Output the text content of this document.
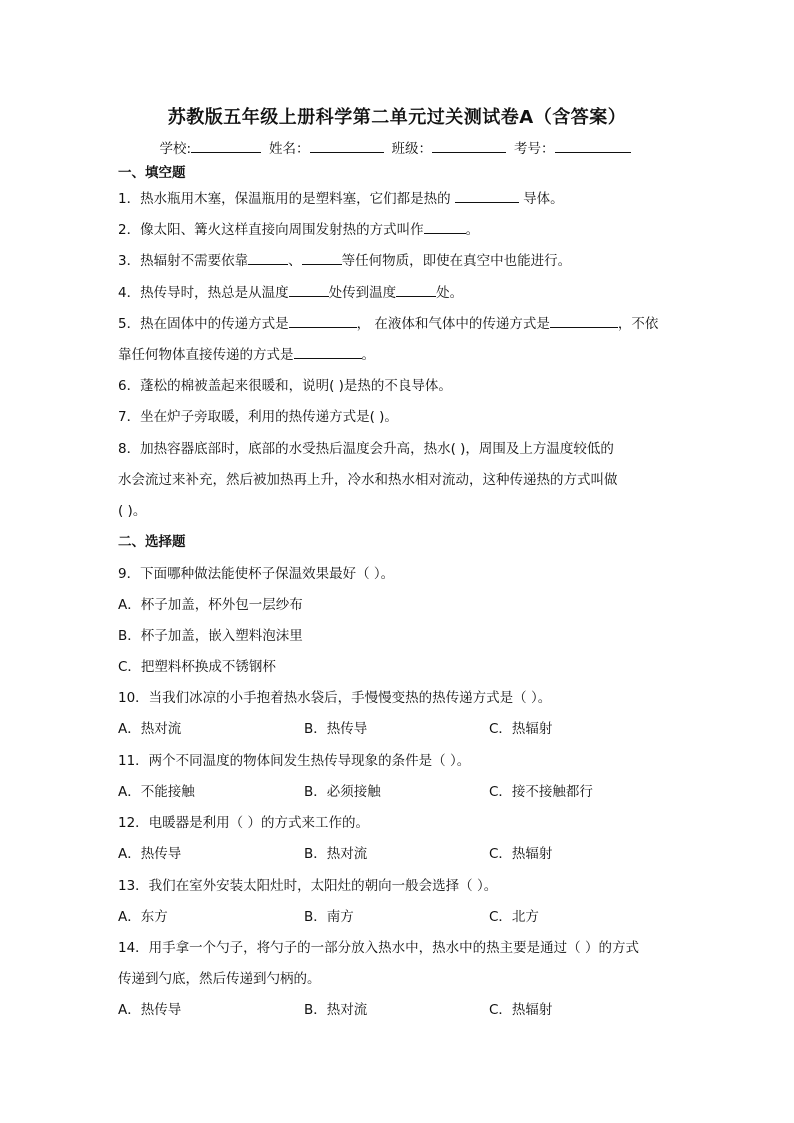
苏教版五年级上册科学第二单元过关测试卷A（含答案）
学校:	姓名：	班级：	考号：
一、填空题
1．热水瓶用木塞，保温瓶用的是塑料塞，它们都是热的	导体。
2．像太阳、篝火这样直接向周围发射热的方式叫作	。
3．热辐射不需要依靠	、	等任何物质，即使在真空中也能进行。
4．热传导时，热总是从温度	处传到温度	处。
5．热在固体中的传递方式是	， 在液体和气体中的传递方式是	，不依
靠任何物体直接传递的方式是	。
6．蓬松的棉被盖起来很暖和，说明( )是热的不良导体。
7．坐在炉子旁取暖，利用的热传递方式是( )。
8．加热容器底部时，底部的水受热后温度会升高，热水( )，周围及上方温度较低的
水会流过来补充，然后被加热再上升，冷水和热水相对流动，这种传递热的方式叫做
( )。
二、选择题
9．下面哪种做法能使杯子保温效果最好（ ）。
A．杯子加盖，杯外包一层纱布
B．杯子加盖，嵌入塑料泡沫里
C．把塑料杯换成不锈钢杯
10．当我们冰凉的小手抱着热水袋后，手慢慢变热的热传递方式是（ ）。
A．热对流	B．热传导	C．热辐射
11．两个不同温度的物体间发生热传导现象的条件是（ ）。
A．不能接触	B．必须接触	C．接不接触都行
12．电暖器是利用（ ）的方式来工作的。
A．热传导	B．热对流	C．热辐射
13．我们在室外安装太阳灶时，太阳灶的朝向一般会选择（ ）。
A．东方	B．南方	C．北方
14．用手拿一个勺子，将勺子的一部分放入热水中，热水中的热主要是通过（ ）的方式
传递到勺底，然后传递到勺柄的。
A．热传导	B．热对流	C．热辐射
